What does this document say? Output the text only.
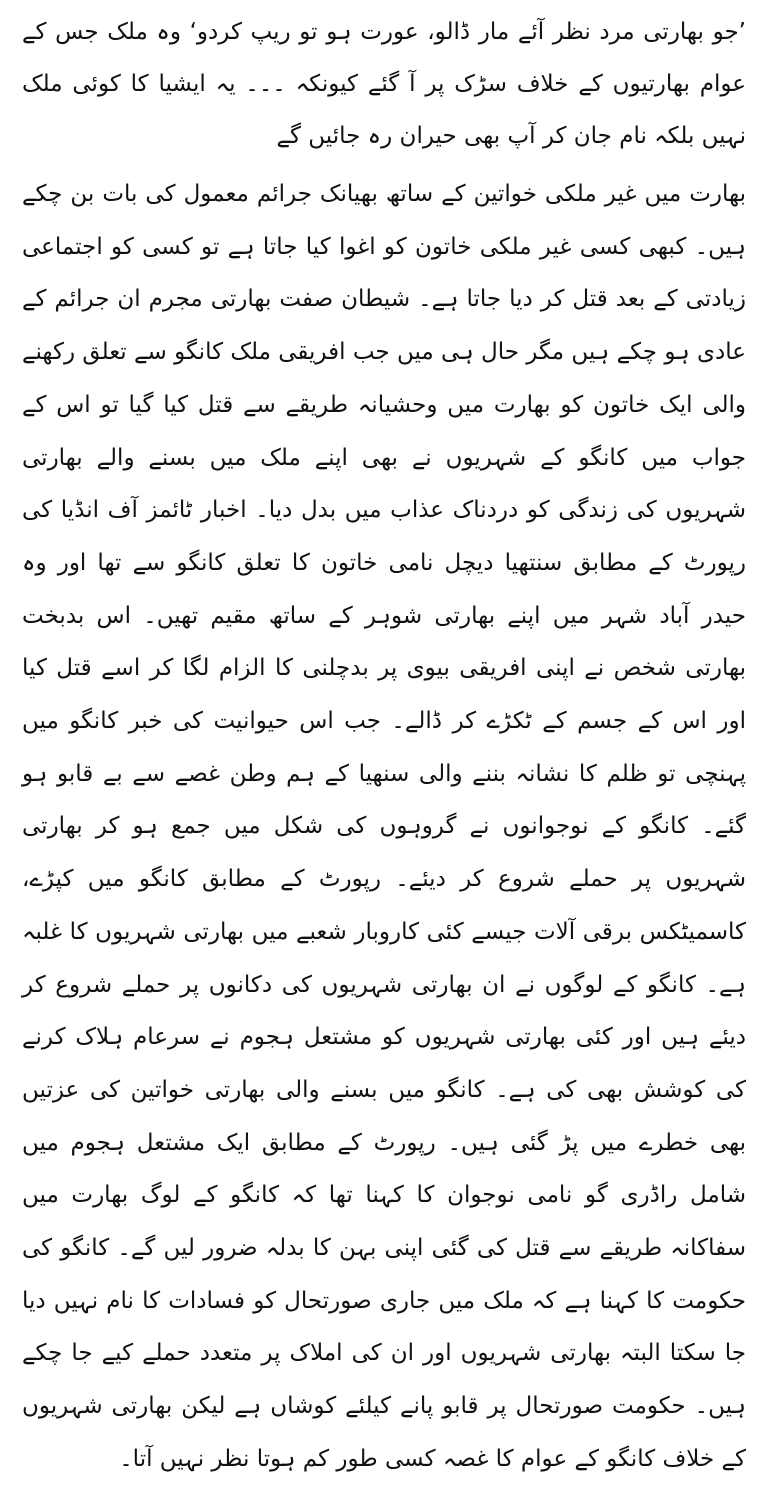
’جو بھارتی مرد نظر آئے مار ڈالو، عورت ہو تو ریپ کردو‘ وہ ملک جس کے عوام بھارتیوں کے خلاف سڑک پر آ گئے کیونکہ ۔۔۔ یہ ایشیا کا کوئی ملک نہیں بلکہ نام جان کر آپ بھی حیران رہ جائیں گے

بھارت میں غیر ملکی خواتین کے ساتھ بھیانک جرائم معمول کی بات بن چکے ہیں۔ کبھی کسی غیر ملکی خاتون کو اغوا کیا جاتا ہے تو کسی کو اجتماعی زیادتی کے بعد قتل کر دیا جاتا ہے۔ شیطان صفت بھارتی مجرم ان جرائم کے عادی ہو چکے ہیں مگر حال ہی میں جب افریقی ملک کانگو سے تعلق رکھنے والی ایک خاتون کو بھارت میں وحشیانہ طریقے سے قتل کیا گیا تو اس کے جواب میں کانگو کے شہریوں نے بھی اپنے ملک میں بسنے والے بھارتی شہریوں کی زندگی کو دردناک عذاب میں بدل دیا۔ اخبار ٹائمز آف انڈیا کی رپورٹ کے مطابق سنتھیا دیچل نامی خاتون کا تعلق کانگو سے تھا اور وہ حیدر آباد شہر میں اپنے بھارتی شوہر کے ساتھ مقیم تھیں۔ اس بدبخت بھارتی شخص نے اپنی افریقی بیوی پر بدچلنی کا الزام لگا کر اسے قتل کیا اور اس کے جسم کے ٹکڑے کر ڈالے۔ جب اس حیوانیت کی خبر کانگو میں پہنچی تو ظلم کا نشانہ بننے والی سنھیا کے ہم وطن غصے سے بے قابو ہو گئے۔ کانگو کے نوجوانوں نے گروہوں کی شکل میں جمع ہو کر بھارتی شہریوں پر حملے شروع کر دیئے۔ رپورٹ کے مطابق کانگو میں کپڑے، کاسمیٹکس برقی آلات جیسے کئی کاروبار شعبے میں بھارتی شہریوں کا غلبہ ہے۔ کانگو کے لوگوں نے ان بھارتی شہریوں کی دکانوں پر حملے شروع کر دیئے ہیں اور کئی بھارتی شہریوں کو مشتعل ہجوم نے سرعام ہلاک کرنے کی کوشش بھی کی ہے۔ کانگو میں بسنے والی بھارتی خواتین کی عزتیں بھی خطرے میں پڑ گئی ہیں۔ رپورٹ کے مطابق ایک مشتعل ہجوم میں شامل راڈری گو نامی نوجوان کا کہنا تھا کہ کانگو کے لوگ بھارت میں سفاکانہ طریقے سے قتل کی گئی اپنی بہن کا بدلہ ضرور لیں گے۔ کانگو کی حکومت کا کہنا ہے کہ ملک میں جاری صورتحال کو فسادات کا نام نہیں دیا جا سکتا البتہ بھارتی شہریوں اور ان کی املاک پر متعدد حملے کیے جا چکے ہیں۔ حکومت صورتحال پر قابو پانے کیلئے کوشاں ہے لیکن بھارتی شہریوں کے خلاف کانگو کے عوام کا غصہ کسی طور کم ہوتا نظر نہیں آتا۔
